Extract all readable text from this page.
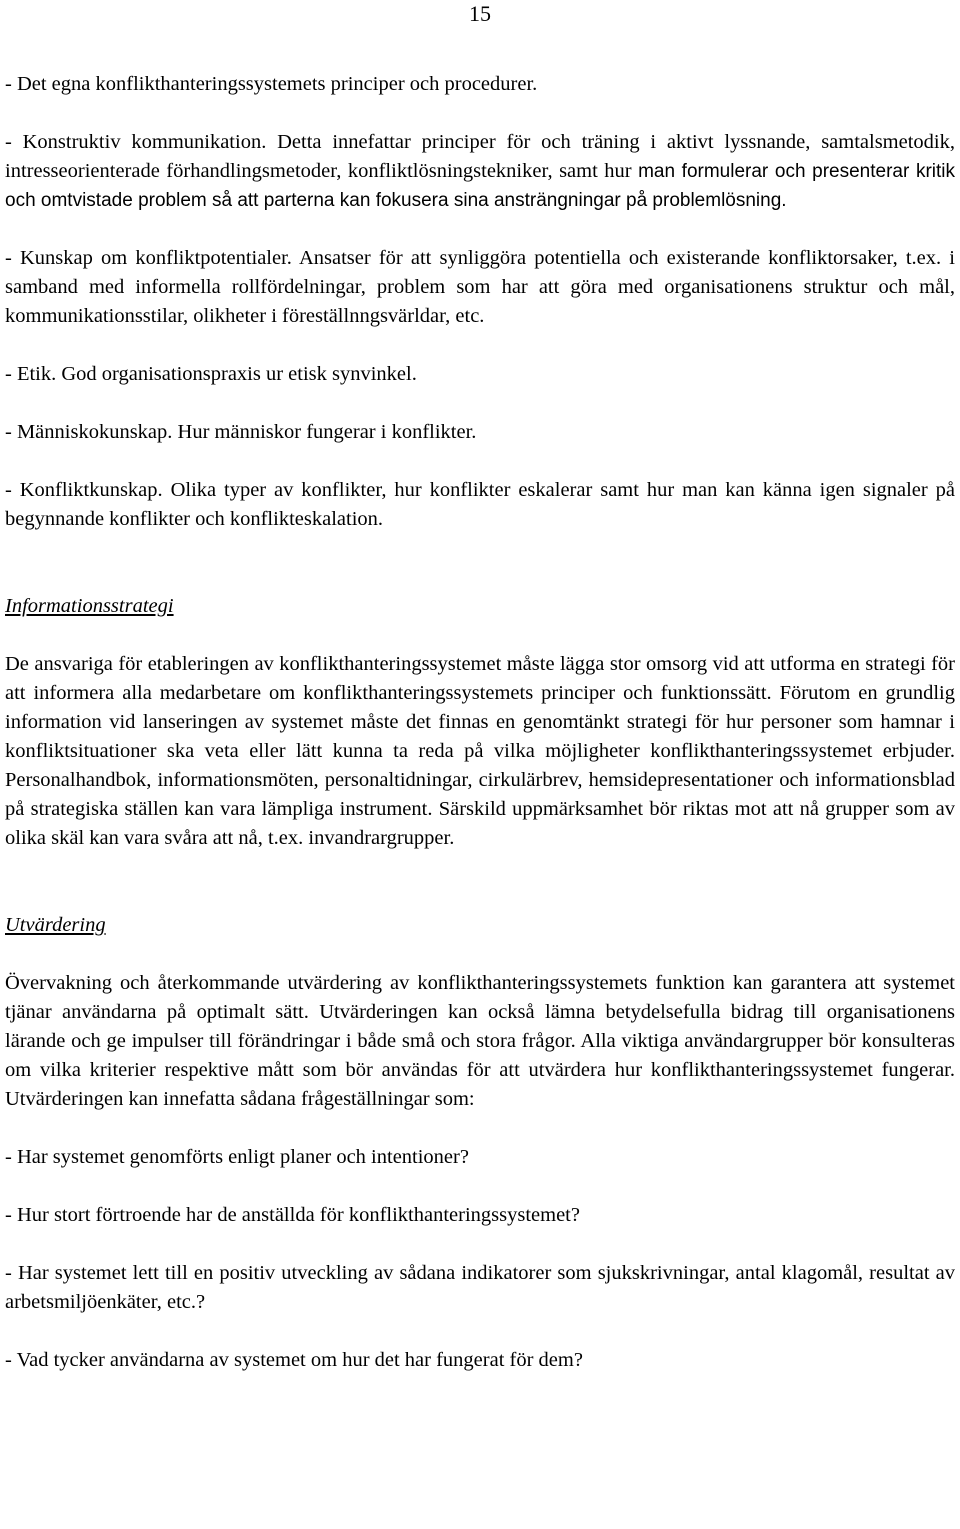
15

- Det egna konflikthanteringssystemets principer och procedurer.

- Konstruktiv kommunikation. Detta innefattar principer för och träning i aktivt lyssnande, samtalsmetodik, intresseorienterade förhandlingsmetoder, konfliktlösningstekniker, samt hur man formulerar och presenterar kritik och omtvistade problem så att parterna kan fokusera sina ansträngningar på problemlösning.

- Kunskap om konfliktpotentialer. Ansatser för att synliggöra potentiella och existerande konfliktorsaker, t.ex. i samband med informella rollfördelningar, problem som har att göra med organisationens struktur och mål, kommunikationsstilar, olikheter i föreställnngsvärldar, etc.

- Etik. God organisationspraxis ur etisk synvinkel.

- Människokunskap. Hur människor fungerar i konflikter.

- Konfliktkunskap. Olika typer av konflikter, hur konflikter eskalerar samt hur man kan känna igen signaler på begynnande konflikter och konflikteskalation.

Informationsstrategi

De ansvariga för etableringen av konflikthanteringssystemet måste lägga stor omsorg vid att utforma en strategi för att informera alla medarbetare om konflikthanteringssystemets principer och funktionssätt. Förutom en grundlig information vid lanseringen av systemet måste det finnas en genomtänkt strategi för hur personer som hamnar i konfliktsituationer ska veta eller lätt kunna ta reda på vilka möjligheter konflikthanteringssystemet erbjuder. Personalhandbok, informationsmöten, personaltidningar, cirkulärbrev, hemsidepresentationer och informationsblad på strategiska ställen kan vara lämpliga instrument. Särskild uppmärksamhet bör riktas mot att nå grupper som av olika skäl kan vara svåra att nå, t.ex. invandrargrupper.

Utvärdering

Övervakning och återkommande utvärdering av konflikthanteringssystemets funktion kan garantera att systemet tjänar användarna på optimalt sätt. Utvärderingen kan också lämna betydelsefulla bidrag till organisationens lärande och ge impulser till förändringar i både små och stora frågor. Alla viktiga användargrupper bör konsulteras om vilka kriterier respektive mått som bör användas för att utvärdera hur konflikthanteringssystemet fungerar. Utvärderingen kan innefatta sådana frågeställningar som:

- Har systemet genomförts enligt planer och intentioner?

- Hur stort förtroende har de anställda för konflikthanteringssystemet?

- Har systemet lett till en positiv utveckling av sådana indikatorer som sjukskrivningar, antal klagomål, resultat av arbetsmiljöenkäter, etc.?

- Vad tycker användarna av systemet om hur det har fungerat för dem?
